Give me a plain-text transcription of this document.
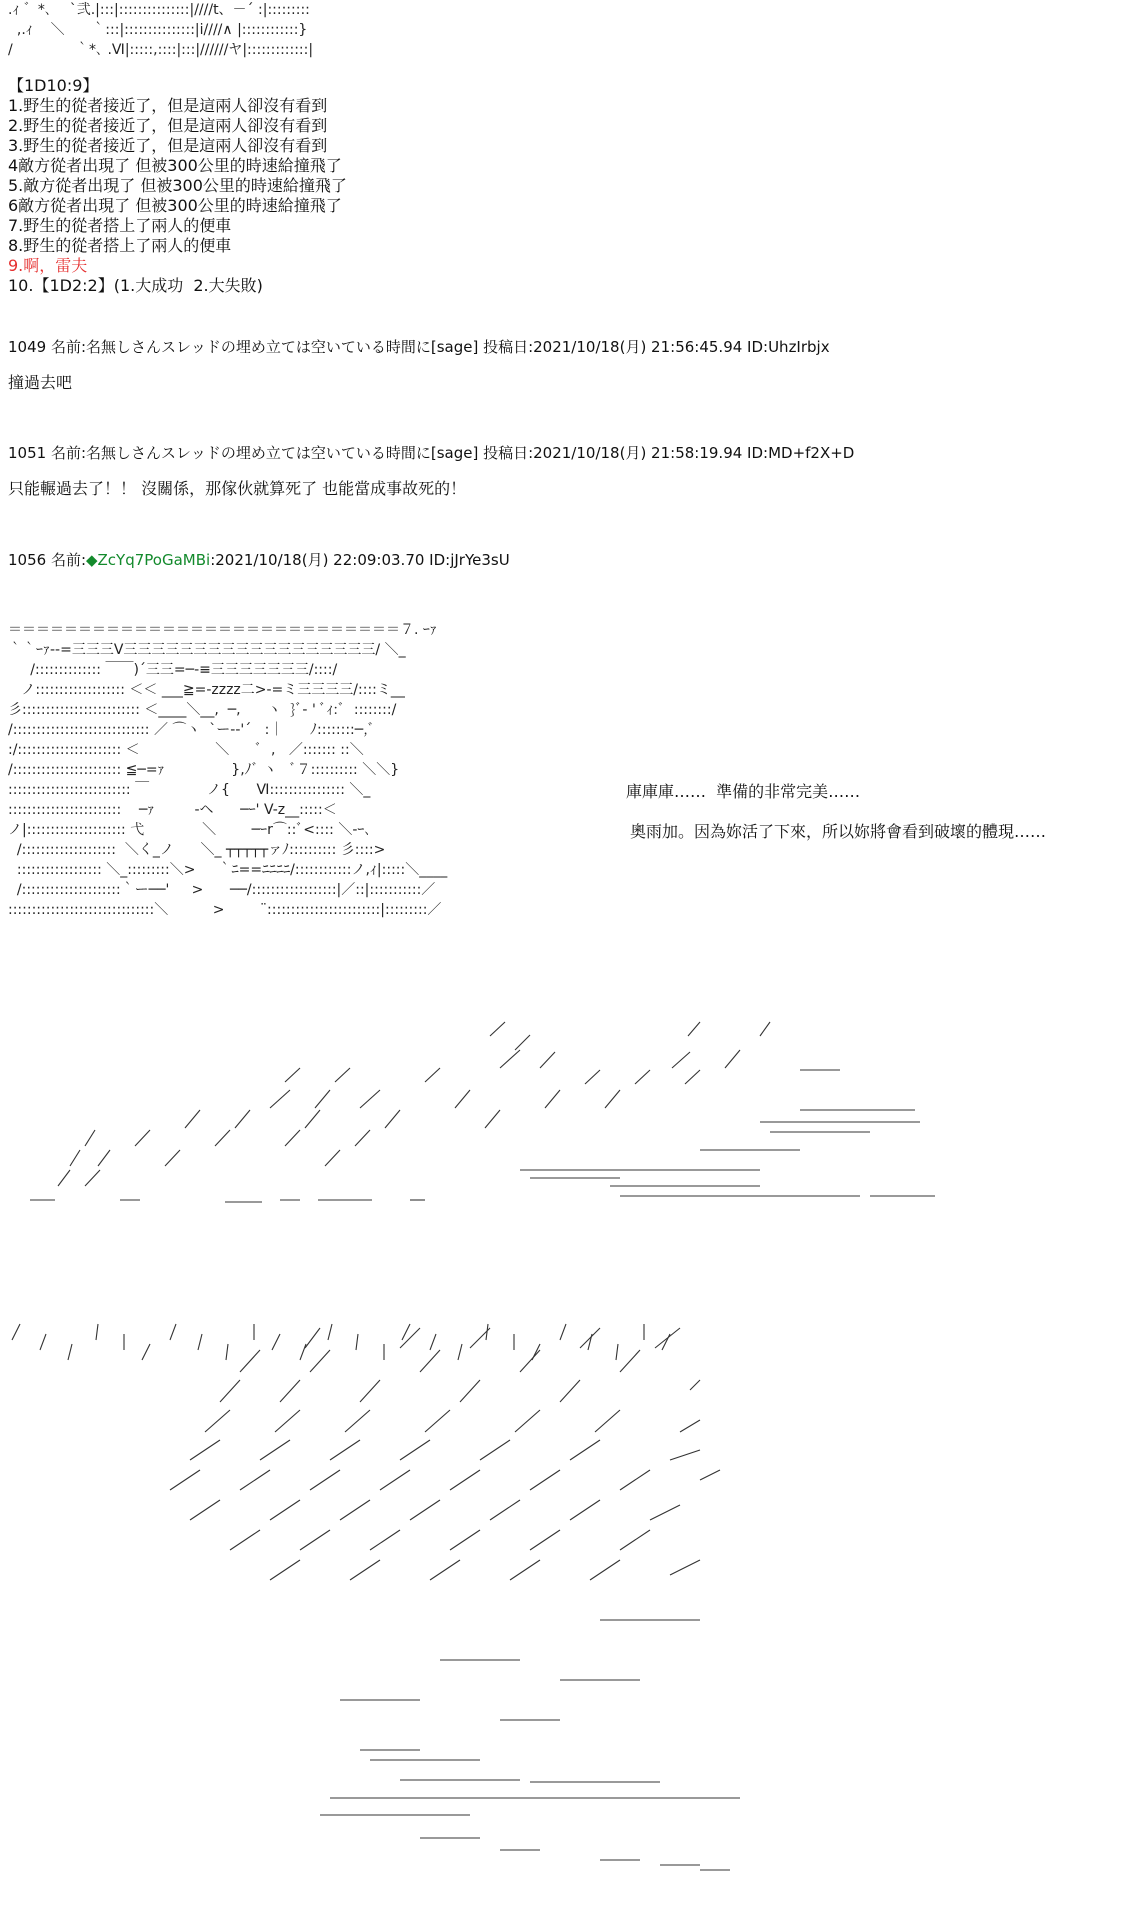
.ｨ ゛*､    `弐.|:::|:::::::::::::::|////t、－´ :|:::::::::
,.ｨ    ＼      ｀:::|:::::::::::::::|i////∧ |::::::::::::}
/              ｀*､ .Ⅵ|:::::,::::|:::|//////ヤ|:::::::::::::|
【1D10:9】
1.野生的從者接近了，但是這兩人卻沒有看到
2.野生的從者接近了，但是這兩人卻沒有看到
3.野生的從者接近了，但是這兩人卻沒有看到
4敵方從者出現了 但被300公里的時速給撞飛了
5.敵方從者出現了 但被300公里的時速給撞飛了
6敵方從者出現了 但被300公里的時速給撞飛了
7.野生的從者搭上了兩人的便車
8.野生的從者搭上了兩人的便車
9.啊，雷夫
10.【1D2:2】(1.大成功  2.大失敗)
1049 名前:名無しさんスレッドの埋め立ては空いている時間に[sage] 投稿日:2021/10/18(月) 21:56:45.94 ID:UhzIrbjx
撞過去吧
1051 名前:名無しさんスレッドの埋め立ては空いている時間に[sage] 投稿日:2021/10/18(月) 21:58:19.94 ID:MD+f2X+D
只能輾過去了！！ 沒關係，那傢伙就算死了 也能當成事故死的！
1056 名前:◆ZcYq7PoGaMBi:2021/10/18(月) 22:09:03.70 ID:jJrYe3sU
＝＝＝＝＝＝＝＝＝＝＝＝＝＝＝＝＝＝＝＝＝＝＝＝＝＝＝＝７. ｰｧ
｀｀ｰｧ-‐=三三三V三三三三三三三三三三三三三三三三三三/ ＼_
/:::::::::::::: ￣￣)´三三=─‐≡三三三三三三三/::::/
ノ::::::::::::::::::: ＜＜ ___≧=-zzzz二>-=ミ三三三三/::::ミ__
彡::::::::::::::::::::::::: ＜____＼__,  ─,      ヽ  }ﾞ- ' ﾞｨ:ﾞ  ::::::::/
/::::::::::::::::::::::::::::: ／ ⌒ヽ  `ー-‐'´   :｜      ﾉ::::::::─,ﾞ
:/:::::::::::::::::::::: ＜                 ＼      ﾞ  ,   ／::::::: ::＼
/::::::::::::::::::::::: ≦─=ｧ               },ﾉﾞ ヽ   ﾞ７:::::::::: ＼＼}
:::::::::::::::::::::::::: ￣             ノ{      Ⅵ:::::::::::::::: ＼_
::::::::::::::::::::::::    ─ｧ         -ヘ      ─ｰ' V-z__:::::＜
ノ|::::::::::::::::::::: 弋             ＼        ─ｰr⌒::ﾞ<:::: ＼-ｰ､
/::::::::::::::::::::  ＼く_ノ      ＼_ ┬┬┬┬┬ァﾉ:::::::::: 彡::::>
:::::::::::::::::: ＼_:::::::::＼>     ｀ﾆ==ﾆﾆﾆﾆ/::::::::::::ノ,ｨ|:::::＼____
/:::::::::::::::::::::｀ー──'     >      ──/::::::::::::::::::|／::|:::::::::::／
:::::::::::::::::::::::::::::::＼          >        ¨::::::::::::::::::::::::|:::::::::／
庫庫庫……  準備的非常完美……
奧雨加。因為妳活了下來，所以妳將會看到破壞的體現……
